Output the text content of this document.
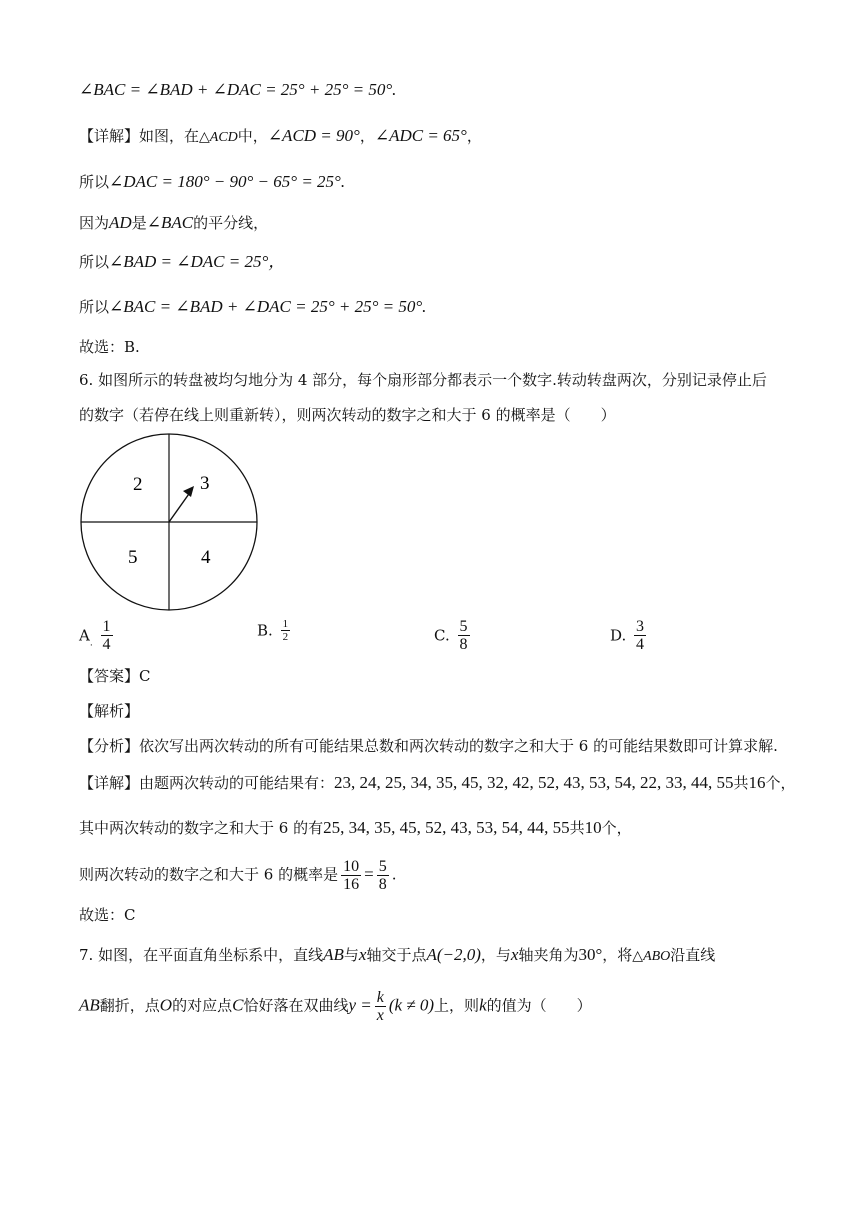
∠BAC = ∠BAD + ∠DAC = 25° + 25° = 50°.
【详解】如图，在△ACD中，∠ACD = 90°，∠ADC = 65°，
所以∠DAC = 180° − 90° − 65° = 25°.
因为AD是∠BAC的平分线，
所以∠BAD = ∠DAC = 25°，
所以∠BAC = ∠BAD + ∠DAC = 25° + 25° = 50°.
故选：B.
6. 如图所示的转盘被均匀地分为 4 部分，每个扇形部分都表示一个数字.转动转盘两次，分别记录停止后
的数字（若停在线上则重新转），则两次转动的数字之和大于 6 的概率是（　　）
2	3
5	4
$A_. \frac{1}{4}$	B. $\frac{1}{2}$	C. $\frac{5}{8}$	D. $\frac{3}{4}$
【答案】C
【解析】
【分析】依次写出两次转动的所有可能结果总数和两次转动的数字之和大于 6 的可能结果数即可计算求解.
【详解】由题两次转动的可能结果有：23, 24, 25, 34, 35, 45, 32, 42, 52, 43, 53, 54, 22, 33, 44, 55共16个，
其中两次转动的数字之和大于 6 的有25, 34, 35, 45, 52, 43, 53, 54, 44, 55共10个，
则两次转动的数字之和大于 6 的概率是 $\frac{10}{16} = \frac{5}{8}$ .
故选：C
7. 如图，在平面直角坐标系中，直线AB与x轴交于点A(−2,0)，与x轴夹角为30°，将△ABO沿直线
AB翻折，点O的对应点C恰好落在双曲线$y = \frac{k}{x} (k \ne 0)$上，则k的值为（　　）
